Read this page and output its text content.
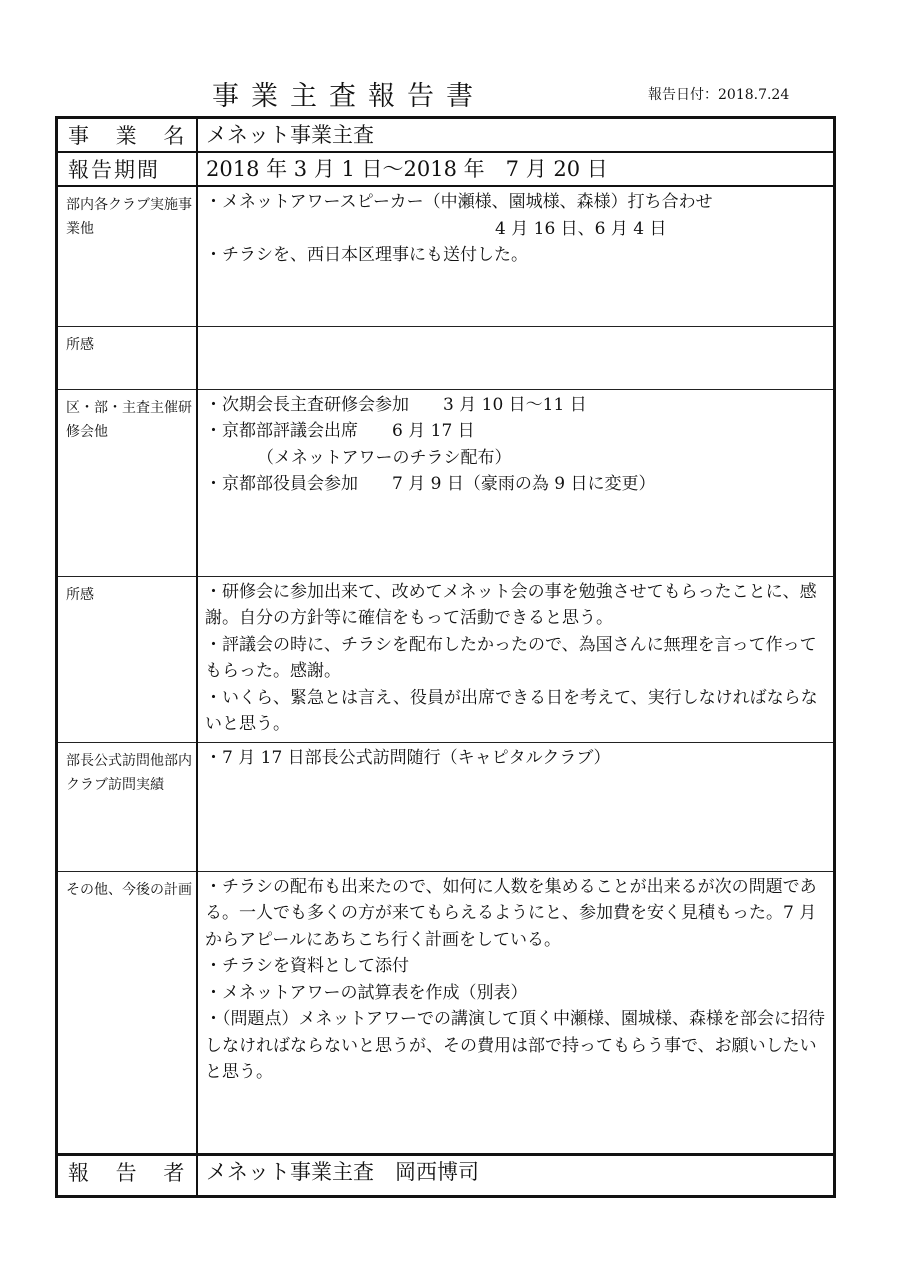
事業主査報告書	報告日付：2018.7.24
事 業 名	メネット事業主査
報告期間	2018 年 3 月 1 日～2018 年　7 月 20 日
部内各クラブ実施事業他	・メネットアワースピーカー（中瀬様、園城様、森様）打ち合わせ
4 月 16 日、6 月 4 日
・チラシを、西日本区理事にも送付した。

所感	
区・部・主査主催研修会他	・次期会長主査研修会参加　　3 月 10 日～11 日
・京都部評議会出席　　6 月 17 日
（メネットアワーのチラシ配布）
・京都部役員会参加　　7 月 9 日（豪雨の為 9 日に変更）

所感	・研修会に参加出来て、改めてメネット会の事を勉強させてもらったことに、感謝。自分の方針等に確信をもって活動できると思う。
・評議会の時に、チラシを配布したかったので、為国さんに無理を言って作ってもらった。感謝。
・いくら、緊急とは言え、役員が出席できる日を考えて、実行しなければならないと思う。

部長公式訪問他部内クラブ訪問実績	・7 月 17 日部長公式訪問随行（キャピタルクラブ）

その他、今後の計画	・チラシの配布も出来たので、如何に人数を集めることが出来るが次の問題である。一人でも多くの方が来てもらえるようにと、参加費を安く見積もった。7 月からアピールにあちこち行く計画をしている。
・チラシを資料として添付
・メネットアワーの試算表を作成（別表）
・（問題点）メネットアワーでの講演して頂く中瀬様、園城様、森様を部会に招待しなければならないと思うが、その費用は部で持ってもらう事で、お願いしたいと思う。

報 告 者	メネット事業主査　岡西博司
